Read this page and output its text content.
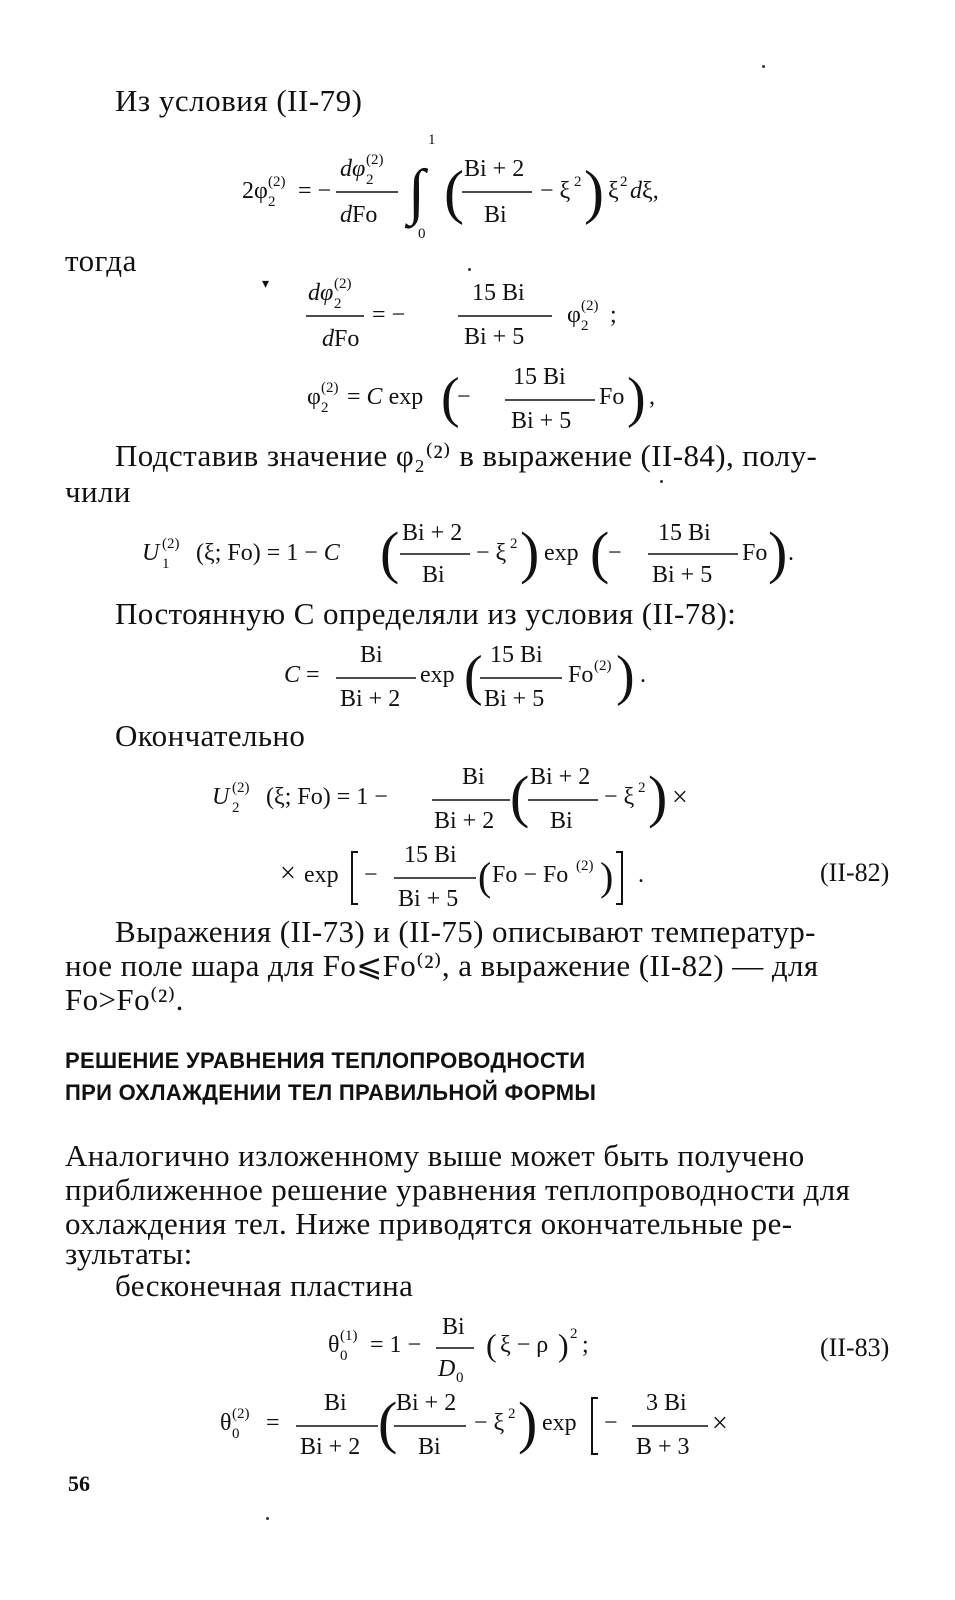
Из условия (II-79)
2φ 2
(2) = −
dφ 2
(2)
dFo ∫
1
0
( Bi + 2
Bi
− ξ 2 ) ξ 2 dξ,
тогда
▾ dφ 2
(2)
dFo
= −
15 Bi
Bi + 5
φ 2
(2) ;
φ 2
(2) = C exp (
−
15 Bi
Bi + 5
Fo ) ,
Подставив значение φ₂⁽²⁾ в выражение (II-84), полу-
чили
U 1
(2) (ξ; Fo) = 1 − C ( Bi + 2
Bi
− ξ 2 ) exp (
−
15 Bi
Bi + 5
Fo ) .
Постоянную C определяли из условия (II-78):
C =
Bi
Bi + 2
exp ( 15 Bi
Bi + 5
Fo (2) ) .
Окончательно
U 2
(2) (ξ; Fo) = 1 −
Bi
Bi + 2 ( Bi + 2
Bi
− ξ 2 ) ×
× exp −
15 Bi
Bi + 5 ( Fo − Fo (2) ) .	(II-82)
Выражения (II-73) и (II-75) описывают температур-
ное поле шара для Fo⩽Fo⁽²⁾, а выражение (II-82) — для
Fo>Fo⁽²⁾.
РЕШЕНИЕ УРАВНЕНИЯ ТЕПЛОПРОВОДНОСТИ
ПРИ ОХЛАЖДЕНИИ ТЕЛ ПРАВИЛЬНОЙ ФОРМЫ
Аналогично изложенному выше может быть получено
приближенное решение уравнения теплопроводности для
охлаждения тел. Ниже приводятся окончательные ре-
зультаты:
бесконечная пластина
θ 0
(1) = 1 −
Bi
D 0
( ξ − ρ ) 2 ;	(II-83)
θ 0
(2) =
Bi
Bi + 2 (
Bi + 2
Bi
− ξ 2 ) exp −
3 Bi
B + 3
×
56
